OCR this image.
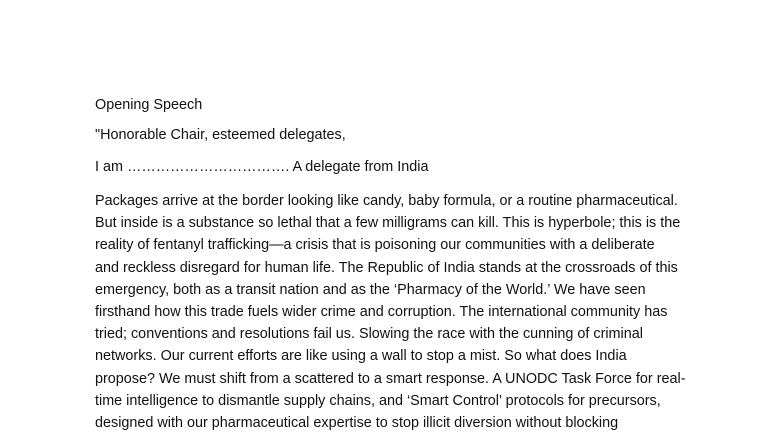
Opening Speech

"Honorable Chair, esteemed delegates,

I am ……………………………. A delegate from India

Packages arrive at the border looking like candy, baby formula, or a routine pharmaceutical.

But inside is a substance so lethal that a few milligrams can kill. This is hyperbole; this is the

reality of fentanyl trafficking—a crisis that is poisoning our communities with a deliberate

and reckless disregard for human life. The Republic of India stands at the crossroads of this

emergency, both as a transit nation and as the ‘Pharmacy of the World.’ We have seen

firsthand how this trade fuels wider crime and corruption. The international community has

tried; conventions and resolutions fail us. Slowing the race with the cunning of criminal

networks. Our current efforts are like using a wall to stop a mist. So what does India

propose? We must shift from a scattered to a smart response. A UNODC Task Force for real-

time intelligence to dismantle supply chains, and ‘Smart Control’ protocols for precursors,

designed with our pharmaceutical expertise to stop illicit diversion without blocking
